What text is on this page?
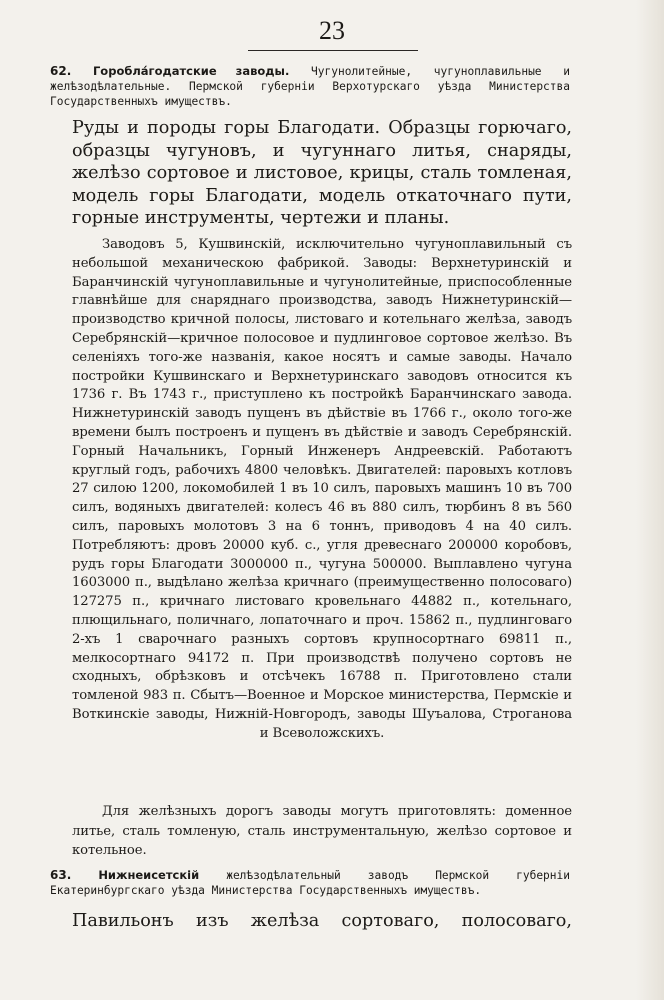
23
62. Горобла́годатские заводы. Чугунолитейные, чугуноплавильные и желѣзодѣлательные. Пермской губерніи Верхотурскаго уѣзда Министерства Государственныхъ имуществъ.
Руды и породы горы Благодати. Образцы горючаго, образцы чугуновъ, и чугуннаго литья, снаряды, желѣзо сортовое и листовое, крицы, сталь томленая, модель горы Благодати, модель откаточнаго пути, горные инструменты, чертежи и планы.
Заводовъ 5, Кушвинскій, исключительно чугуноплавильный съ небольшой механическою фабрикой. Заводы: Верхнетуринскій и Баранчинскій чугуноплавильные и чугунолитейные, приспособленные главнѣйше для снаряднаго производства, заводъ Нижнетуринскій—производство кричной полосы, листоваго и котельнаго желѣза, заводъ Серебрянскій—кричное полосовое и пудлинговое сортовое желѣзо. Въ селеніяхъ того-же названія, какое носятъ и самые заводы. Начало постройки Кушвинскаго и Верхнетуринскаго заводовъ относится къ 1736 г. Въ 1743 г., приступлено къ постройкѣ Баранчинскаго завода. Нижнетуринскій заводъ пущенъ въ дѣйствіе въ 1766 г., около того-же времени былъ построенъ и пущенъ въ дѣйствіе и заводъ Серебрянскій. Горный Начальникъ, Горный Инженеръ Андреевскій. Работаютъ круглый годъ, рабочихъ 4800 человѣкъ. Двигателей: паровыхъ котловъ 27 силою 1200, локомобилей 1 въ 10 силъ, паровыхъ машинъ 10 въ 700 силъ, водяныхъ двигателей: колесъ 46 въ 880 силъ, тюрбинъ 8 въ 560 силъ, паровыхъ молотовъ 3 на 6 тоннъ, приводовъ 4 на 40 силъ. Потребляютъ: дровъ 20000 куб. с., угля древеснаго 200000 коробовъ, рудъ горы Благодати 3000000 п., чугуна 500000. Выплавлено чугуна 1603000 п., выдѣлано желѣза кричнаго (преимущественно полосоваго) 127275 п., кричнаго листоваго кровельнаго 44882 п., котельнаго, плющильнаго, поличнаго, лопаточнаго и проч. 15862 п., пудлинговаго 2-хъ 1 сварочнаго разныхъ сортовъ крупносортнаго 69811 п., мелкосортнаго 94172 п. При производствѣ получено сортовъ не сходныхъ, обрѣзковъ и отсѣчекъ 16788 п. Приготовлено стали томленой 983 п. Сбытъ—Военное и Морское министерства, Пермскіе и Воткинскіе заводы, Нижній-Новгородъ, заводы Шуъалова, Строганова и Всеволожскихъ.
Для желѣзныхъ дорогъ заводы могутъ приготовлять: доменное литье, сталь томленую, сталь инструментальную, желѣзо сортовое и котельное.
63. Нижнеисетскій желѣзодѣлательный заводъ Пермской губерніи Екатеринбургскаго уѣзда Министерства Государственныхъ имуществъ.
Павильонъ изъ желѣза сортоваго, полосоваго,
